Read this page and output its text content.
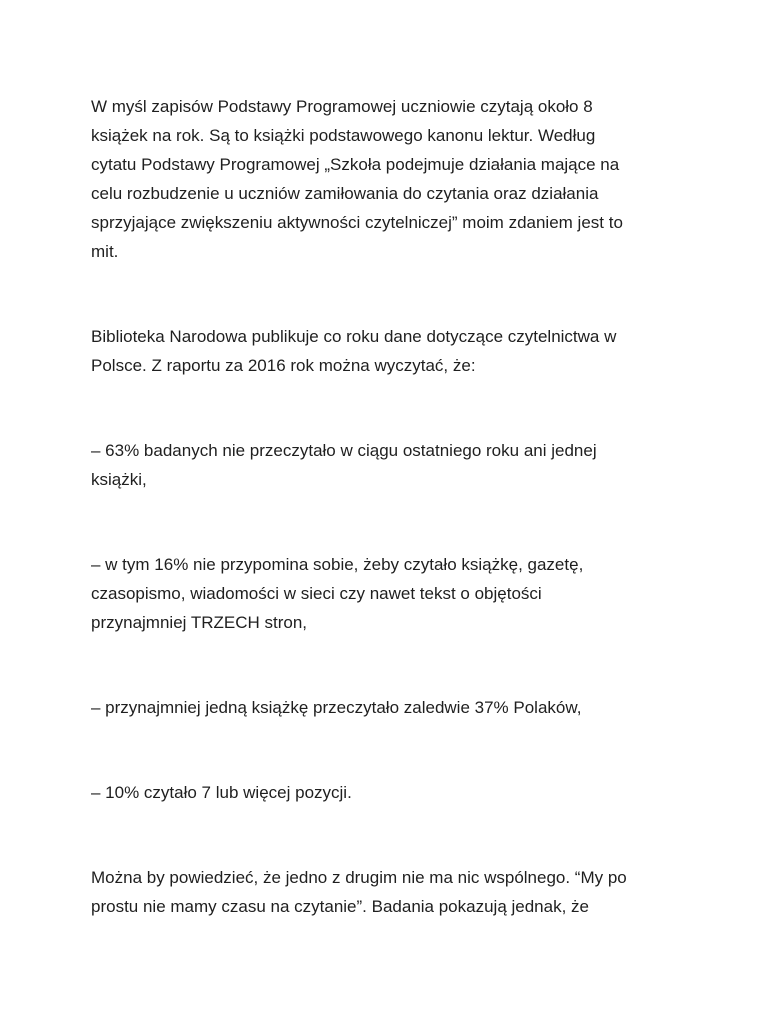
W myśl zapisów Podstawy Programowej uczniowie czytają około 8
książek na rok. Są to książki podstawowego kanonu lektur. Według
cytatu Podstawy Programowej „Szkoła podejmuje działania mające na
celu rozbudzenie u uczniów zamiłowania do czytania oraz działania
sprzyjające zwiększeniu aktywności czytelniczej” moim zdaniem jest to
mit.

Biblioteka Narodowa publikuje co roku dane dotyczące czytelnictwa w
Polsce. Z raportu za 2016 rok można wyczytać, że:

– 63% badanych nie przeczytało w ciągu ostatniego roku ani jednej
książki,

– w tym 16% nie przypomina sobie, żeby czytało książkę, gazetę,
czasopismo, wiadomości w sieci czy nawet tekst o objętości
przynajmniej TRZECH stron,

– przynajmniej jedną książkę przeczytało zaledwie 37% Polaków,

– 10% czytało 7 lub więcej pozycji.

Można by powiedzieć, że jedno z drugim nie ma nic wspólnego. “My po
prostu nie mamy czasu na czytanie”. Badania pokazują jednak, że
